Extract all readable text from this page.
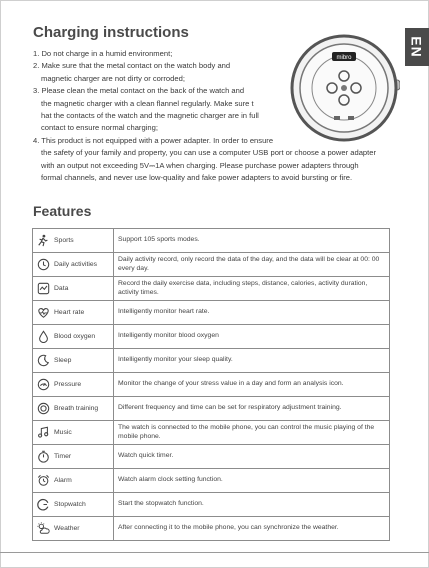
EN
Charging instructions
1. Do not charge in a humid environment;
2. Make sure that the metal contact on the watch body and
magnetic charger are not dirty or corroded;
3. Please clean the metal contact on the back of the watch and
the magnetic charger with a clean flannel regularly. Make sure t
hat the contacts of the watch and the magnetic charger are in full
contact to ensure normal charging;
4. This product is not equipped with a power adapter. In order to ensure
the safety of your family and property, you can use a computer USB port or choose a power adapter
with an output not exceeding 5V⎓1A when charging. Please purchase power adapters through
formal channels, and never use low-quality and fake power adapters to avoid bursting or fire.
mibro
Features
Sports	Support 105 sports modes.
Daily activities	Daily activity record, only record the data of the day, and the data will be clear at 00: 00 every day.
Data	Record the daily exercise data, including steps, distance, calories, activity duration, activity times.
Heart rate	Intelligently monitor heart rate.
Blood oxygen	Intelligently monitor blood oxygen

z Sleep	Intelligently monitor your sleep quality.
Pressure	Monitor the change of your stress value in a day and form an analysis icon.
Breath training	Different frequency and time can be set for respiratory adjustment training.
Music	The watch is connected to the mobile phone, you can control the music playing of the mobile phone.
Timer	Watch quick timer.
Alarm	Watch alarm clock setting function.
Stopwatch	Start the stopwatch function.
Weather	After connecting it to the mobile phone, you can synchronize the weather.
